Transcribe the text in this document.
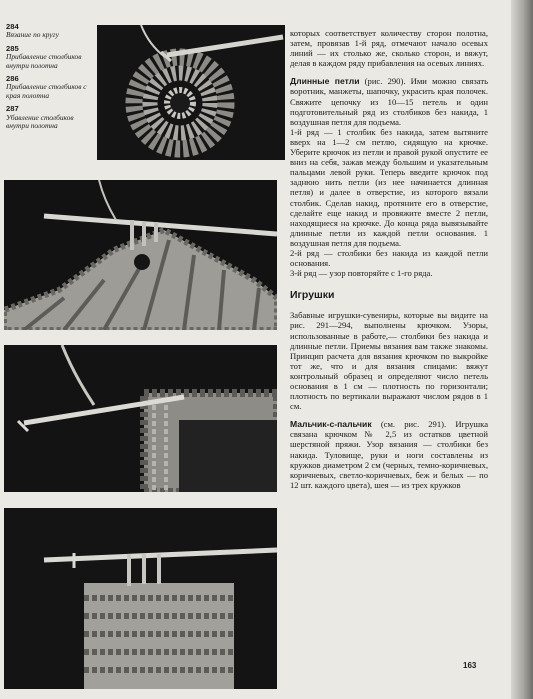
284
Вязание по кругу
285
Прибавление столбиков внутри полотна
286
Прибавление столбиков с края полотна
287
Убавление столбиков внутри полотна

которых соответствует количеству сторон полотна, затем, провязав 1-й ряд, отмечают начало осевых линий — их столько же, сколько сторон, и вяжут, делая в каждом ряду прибавления на осевых линиях.

Длинные петли (рис. 290). Ими можно связать воротник, манжеты, шапочку, украсить края полочек. Свяжите цепочку из 10—15 петель и один подготовительный ряд из столбиков без накида, 1 воздушная петля для подъема.

1-й ряд — 1 столбик без накида, затем вытяните вверх на 1—2 см петлю, сидящую на крючке. Уберите крючок из петли и правой рукой опустите ее вниз на себя, зажав между большим и указательным пальцами левой руки. Теперь введите крючок под заднюю нить петли (из нее начинается длинная петля) и далее в отверстие, из которого вязали столбик. Сделав накид, протяните его в отверстие, сделайте еще накид и провяжите вместе 2 петли, находящиеся на крючке. До конца ряда вывязывайте длинные петли из каждой петли основания. 1 воздушная петля для подъема.

2-й ряд — столбики без накида из каждой петли основания.

3-й ряд — узор повторяйте с 1-го ряда.

Игрушки

Забавные игрушки-сувениры, которые вы видите на рис. 291—294, выполнены крючком. Узоры, использованные в работе,— столбики без накида и длинные петли. Приемы вязания вам также знакомы. Принцип расчета для вязания крючком по выкройке тот же, что и для вязания спицами: вяжут контрольный образец и определяют число петель основания в 1 см — плотность по горизонтали; плотность по вертикали выражают числом рядов в 1 см.

Мальчик-с-пальчик (см. рис. 291). Игрушка связана крючком № 2,5 из остатков цветной шерстяной пряжи. Узор вязания — столбики без накида. Туловище, руки и ноги составлены из кружков диаметром 2 см (черных, темно-коричневых, коричневых, светло-коричневых, беж и белых — по 12 шт. каждого цвета), шея — из трех кружков

163
